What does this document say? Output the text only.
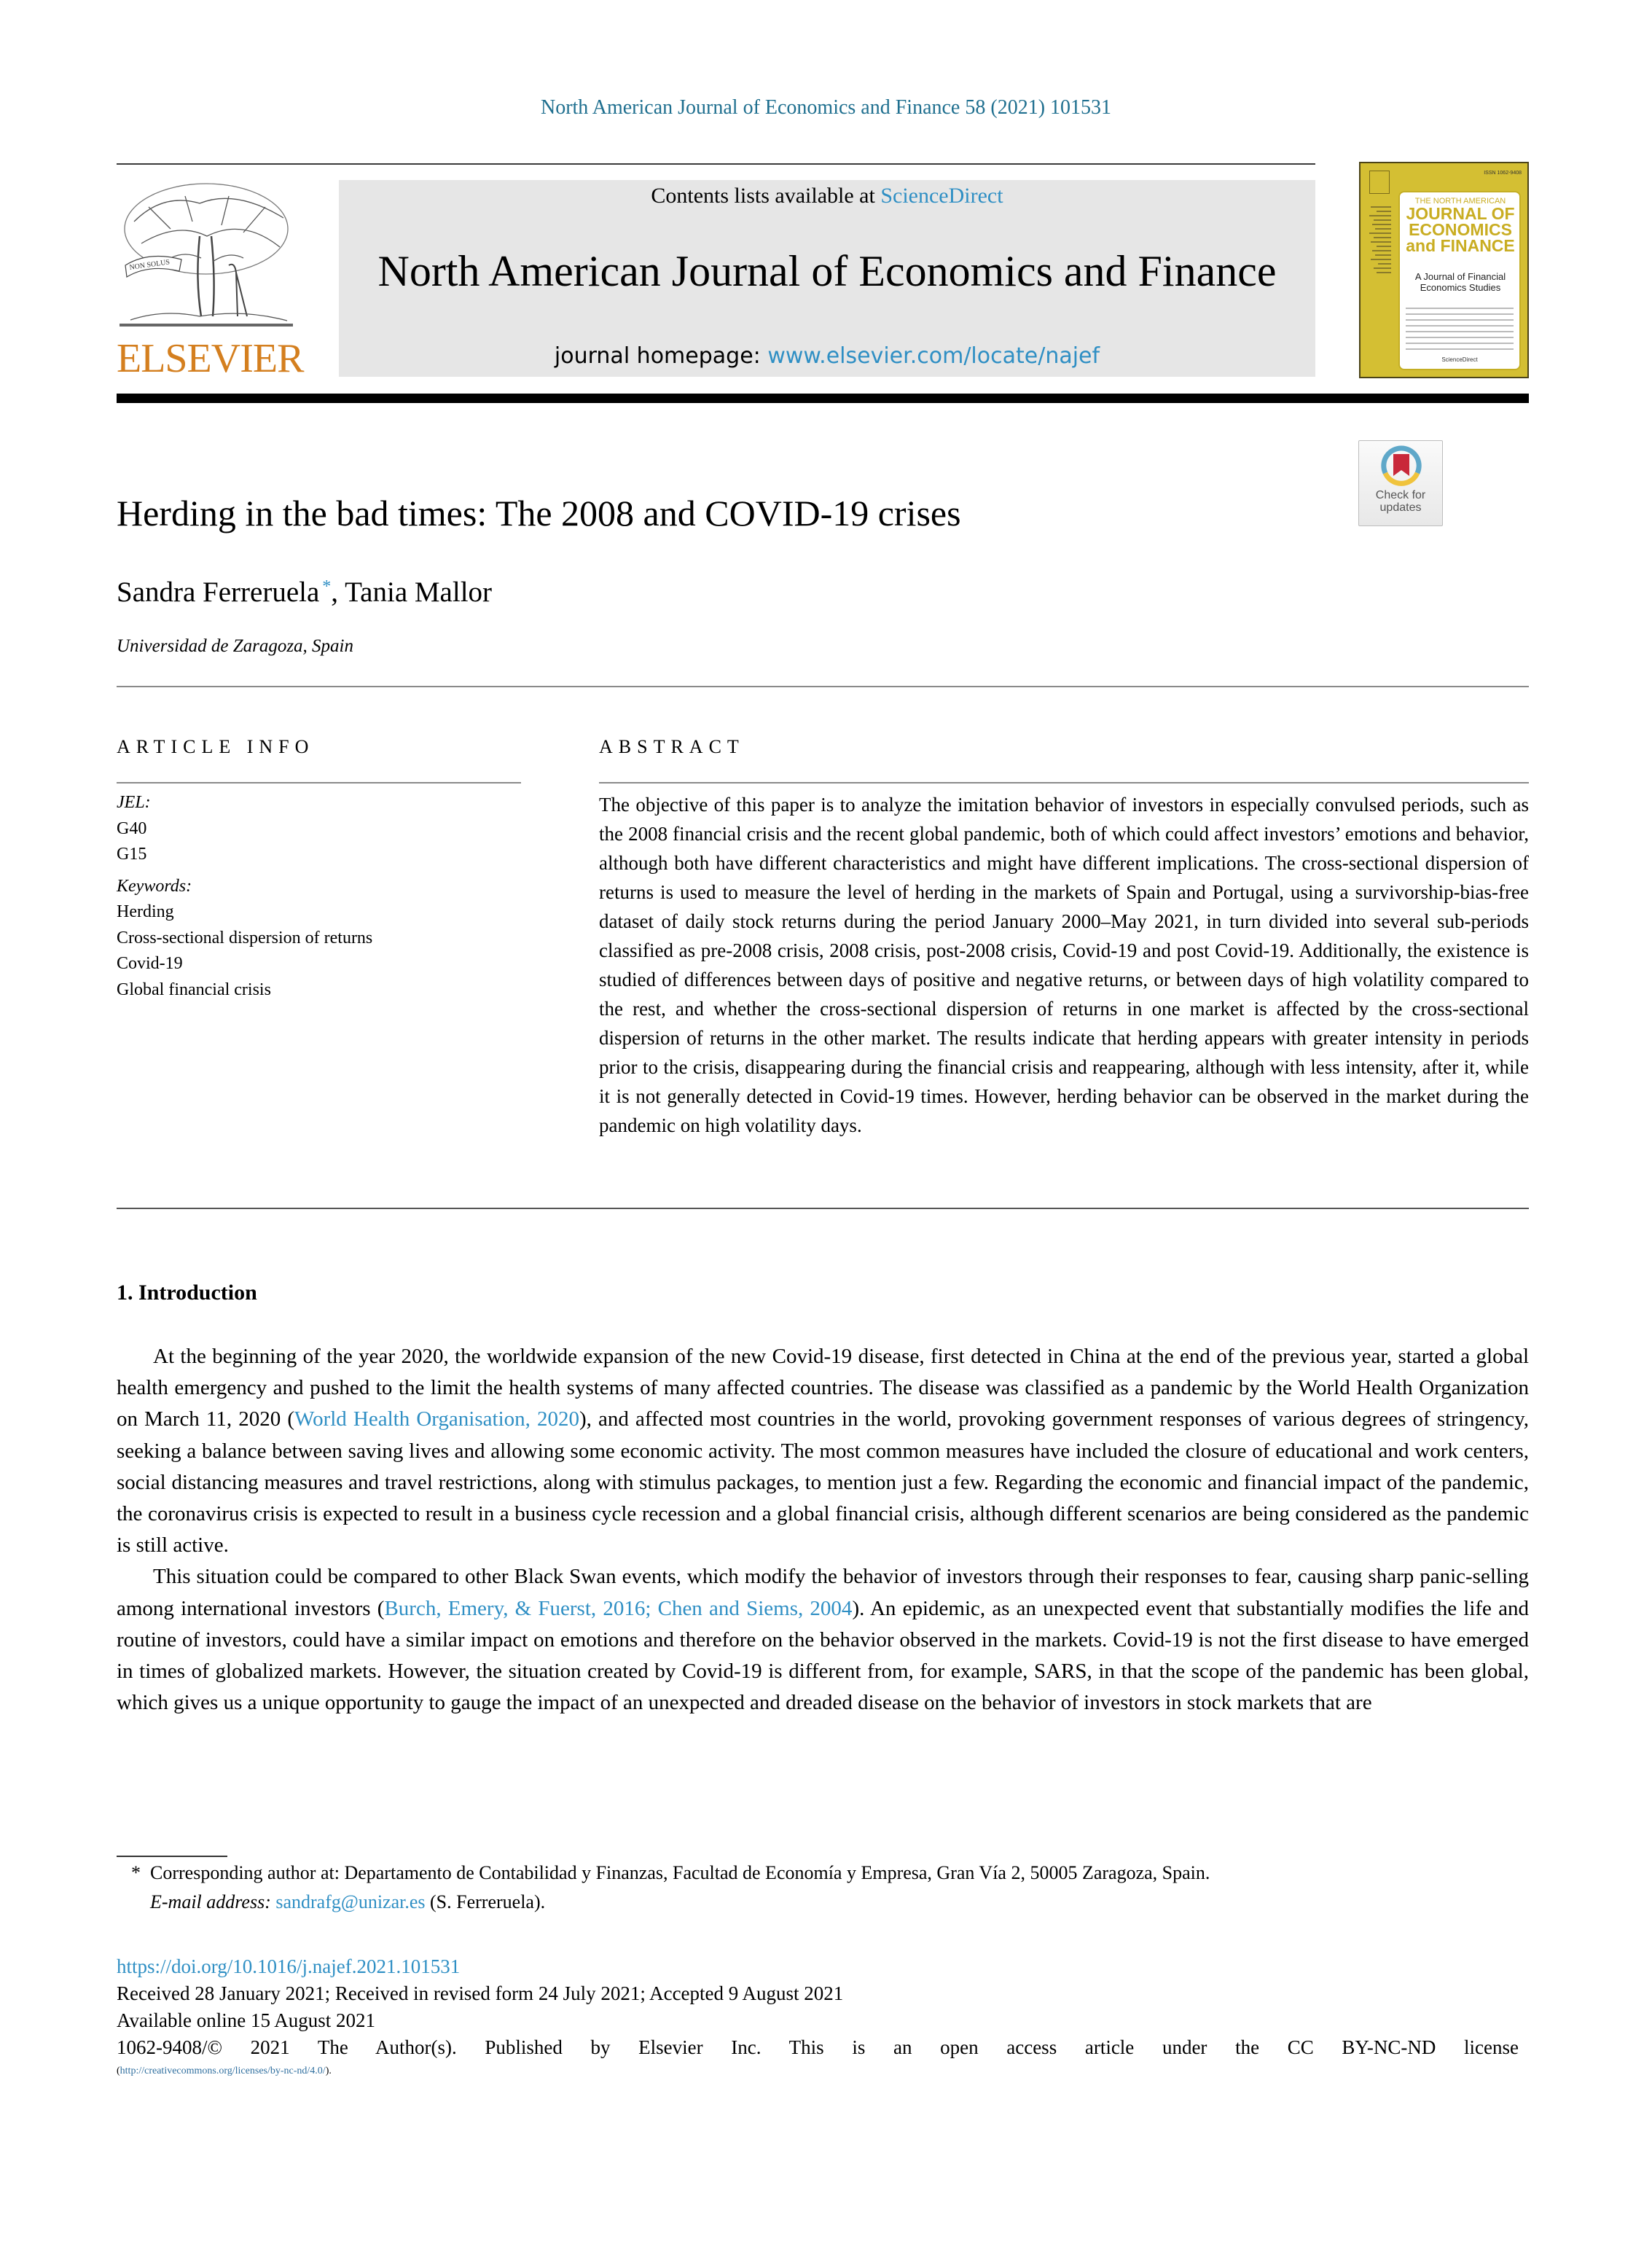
North American Journal of Economics and Finance 58 (2021) 101531
NON SOLUS
ELSEVIER
Contents lists available at ScienceDirect
North American Journal of Economics and Finance
journal homepage: www.elsevier.com/locate/najef
ISSN 1062-9408
THE NORTH AMERICAN
JOURNAL OF ECONOMICS and FINANCE
A Journal of Financial Economics Studies
ScienceDirect
Check for updates
Herding in the bad times: The 2008 and COVID-19 crises
Sandra Ferreruela *, Tania Mallor
Universidad de Zaragoza, Spain
ARTICLE INFO	ABSTRACT
JEL:
G40
G15
Keywords:
Herding
Cross-sectional dispersion of returns
Covid-19
Global financial crisis
The objective of this paper is to analyze the imitation behavior of investors in especially convulsed periods, such as the 2008 financial crisis and the recent global pandemic, both of which could affect investors’ emotions and behavior, although both have different characteristics and might have different implications. The cross-sectional dispersion of returns is used to measure the level of herding in the markets of Spain and Portugal, using a survivorship-bias-free dataset of daily stock returns during the period January 2000–May 2021, in turn divided into several sub-periods classified as pre-2008 crisis, 2008 crisis, post-2008 crisis, Covid-19 and post Covid-19. Additionally, the existence is studied of differences between days of positive and negative returns, or between days of high volatility compared to the rest, and whether the cross-sectional dispersion of returns in one market is affected by the cross-sectional dispersion of returns in the other market. The results indicate that herding appears with greater intensity in periods prior to the crisis, disappearing during the financial crisis and reappearing, although with less intensity, after it, while it is not generally detected in Covid-19 times. However, herding behavior can be observed in the market during the pandemic on high volatility days.
1. Introduction

At the beginning of the year 2020, the worldwide expansion of the new Covid-19 disease, first detected in China at the end of the previous year, started a global health emergency and pushed to the limit the health systems of many affected countries. The disease was classified as a pandemic by the World Health Organization on March 11, 2020 (World Health Organisation, 2020), and affected most countries in the world, provoking government responses of various degrees of stringency, seeking a balance between saving lives and allowing some economic activity. The most common measures have included the closure of educational and work centers, social distancing measures and travel restrictions, along with stimulus packages, to mention just a few. Regarding the economic and financial impact of the pandemic, the coronavirus crisis is expected to result in a business cycle recession and a global financial crisis, although different scenarios are being considered as the pandemic is still active.

This situation could be compared to other Black Swan events, which modify the behavior of investors through their responses to fear, causing sharp panic-selling among international investors (Burch, Emery, & Fuerst, 2016; Chen and Siems, 2004). An epidemic, as an unexpected event that substantially modifies the life and routine of investors, could have a similar impact on emotions and therefore on the behavior observed in the markets. Covid-19 is not the first disease to have emerged in times of globalized markets. However, the situation created by Covid-19 is different from, for example, SARS, in that the scope of the pandemic has been global, which gives us a unique opportunity to gauge the impact of an unexpected and dreaded disease on the behavior of investors in stock markets that are

* Corresponding author at: Departamento de Contabilidad y Finanzas, Facultad de Economía y Empresa, Gran Vía 2, 50005 Zaragoza, Spain.
E-mail address: sandrafg@unizar.es (S. Ferreruela).
https://doi.org/10.1016/j.najef.2021.101531
Received 28 January 2021; Received in revised form 24 July 2021; Accepted 9 August 2021
Available online 15 August 2021
1062-9408/© 2021 The Author(s). Published by Elsevier Inc. This is an open access article under the CC BY-NC-ND license
(http://creativecommons.org/licenses/by-nc-nd/4.0/).
